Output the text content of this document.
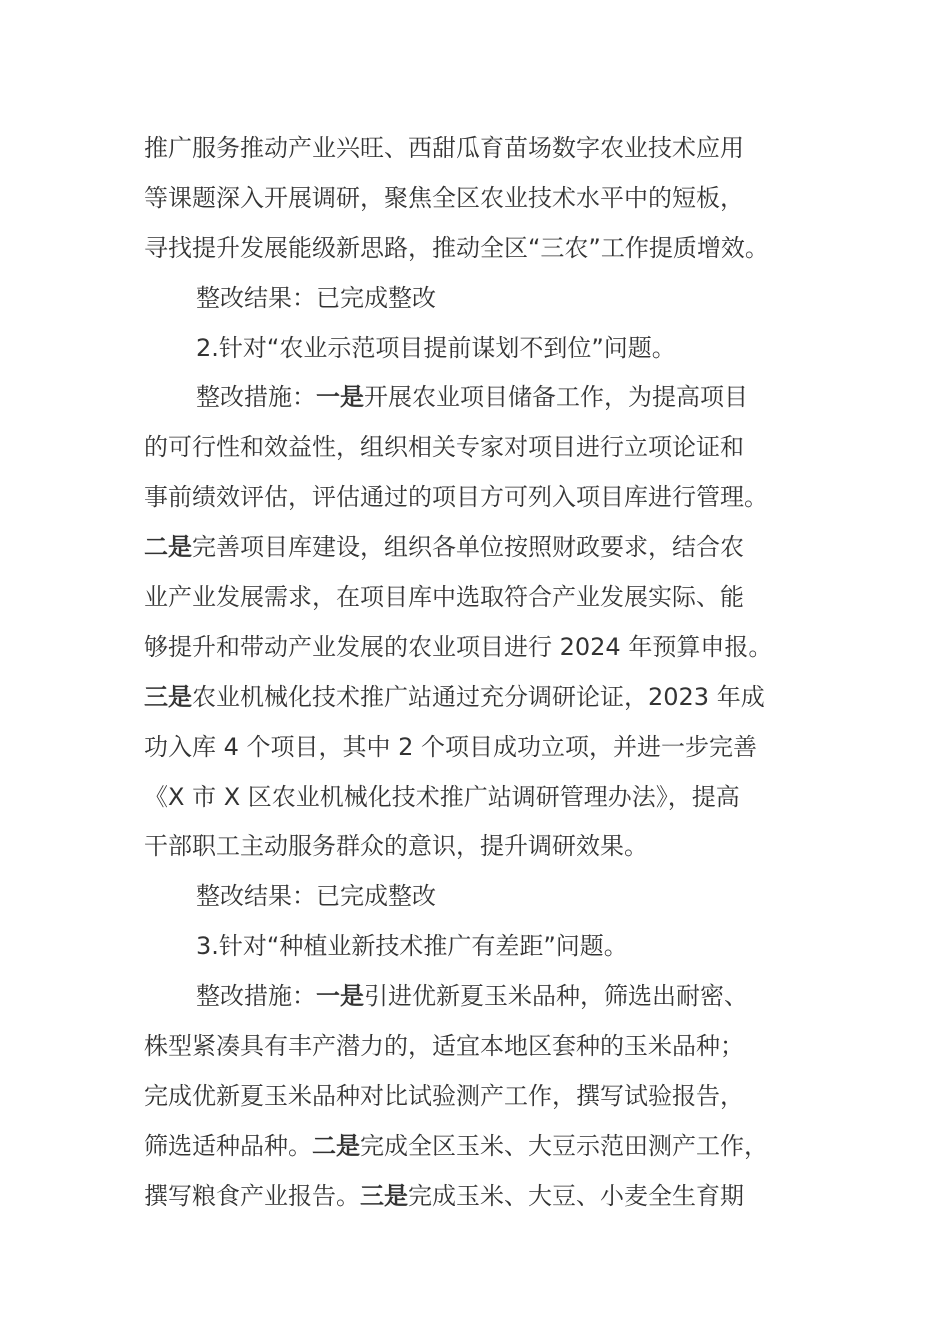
推广服务推动产业兴旺、西甜瓜育苗场数字农业技术应用
等课题深入开展调研，聚焦全区农业技术水平中的短板，
寻找提升发展能级新思路，推动全区“三农”工作提质增效。
整改结果：已完成整改
2.针对“农业示范项目提前谋划不到位”问题。
整改措施：一是开展农业项目储备工作，为提高项目
的可行性和效益性，组织相关专家对项目进行立项论证和
事前绩效评估，评估通过的项目方可列入项目库进行管理。
二是完善项目库建设，组织各单位按照财政要求，结合农
业产业发展需求，在项目库中选取符合产业发展实际、能
够提升和带动产业发展的农业项目进行 2024 年预算申报。
三是农业机械化技术推广站通过充分调研论证，2023 年成
功入库 4 个项目，其中 2 个项目成功立项，并进一步完善
《X 市 X 区农业机械化技术推广站调研管理办法》，提高
干部职工主动服务群众的意识，提升调研效果。
整改结果：已完成整改
3.针对“种植业新技术推广有差距”问题。
整改措施：一是引进优新夏玉米品种，筛选出耐密、
株型紧凑具有丰产潜力的，适宜本地区套种的玉米品种；
完成优新夏玉米品种对比试验测产工作，撰写试验报告，
筛选适种品种。二是完成全区玉米、大豆示范田测产工作，
撰写粮食产业报告。三是完成玉米、大豆、小麦全生育期
